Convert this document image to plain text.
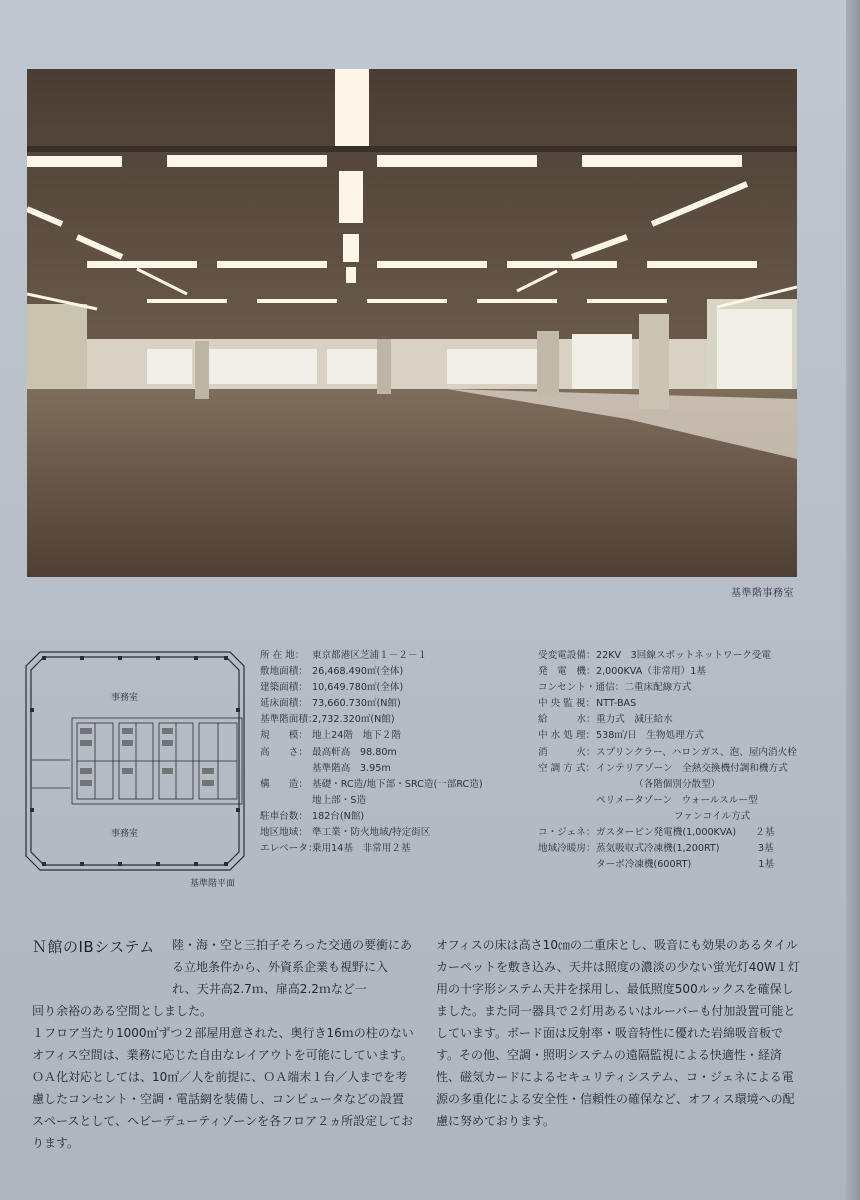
基準階事務室
事務室
事務室
基準階平面
所 在 地： 東京都港区芝浦１－２－１
敷地面積： 26,468.490㎡(全体)
建築面積： 10,649.780㎡(全体)
延床面積： 73,660.730㎡(N館)
基準階面積：2,732.320㎡(N館)
規　　模： 地上24階　地下２階
高　　さ： 最高軒高　98.80m
基準階高　3.95m
構　　造： 基礎・RC造/地下部・SRC造(一部RC造)
地上部・S造
駐車台数： 182台(N館)
地区地域： 準工業・防火地域/特定街区
エレベータ：乗用14基　非常用２基
受変電設備：22KV　3回線スポットネットワーク受電
発　電　機：2,000KVA（非常用）1基
コンセント・通信：二重床配線方式
中 央 監 視：NTT-BAS
給　　　水：重力式　減圧給水
中 水 処 理：538㎥/日　生物処理方式
消　　　火：スプリンクラー、ハロンガス、泡、屋内消火栓
空 調 方 式：インテリアゾーン　全熱交換機付調和機方式
（各階個別分散型）
ペリメータゾーン　ウォールスルー型
ファンコイル方式
コ・ジェネ：ガスタービン発電機(1,000KVA)　　２基
地域冷暖房：蒸気吸収式冷凍機(1,200RT)　　　　3基
ターボ冷凍機(600RT)　　　　　　　1基
Ｎ館のIBシステム 陸・海・空と三拍子そろった交通の要衝にある立地条件から、外資系企業も視野に入れ、天井高2.7ｍ、扉高2.2ｍなど一

回り余裕のある空間としました。

１フロア当たり1000㎡ずつ２部屋用意された、奥行き16ｍの柱のないオフィス空間は、業務に応じた自由なレイアウトを可能にしています。

ＯＡ化対応としては、10㎡／人を前提に、ＯＡ端末１台／人までを考慮したコンセント・空調・電話網を装備し、コンピュータなどの設置スペースとして、ヘビーデューティゾーンを各フロア２ヵ所設定しております。

オフィスの床は高さ10㎝の二重床とし、吸音にも効果のあるタイルカーペットを敷き込み、天井は照度の濃淡の少ない蛍光灯40W１灯用の十字形システム天井を採用し、最低照度500ルックスを確保しました。また同一器具で２灯用あるいはルーバーも付加設置可能としています。ボード面は反射率・吸音特性に優れた岩綿吸音板です。その他、空調・照明システムの遠隔監視による快適性・経済性、磁気カードによるセキュリティシステム、コ・ジェネによる電源の多重化による安全性・信頼性の確保など、オフィス環境への配慮に努めております。
